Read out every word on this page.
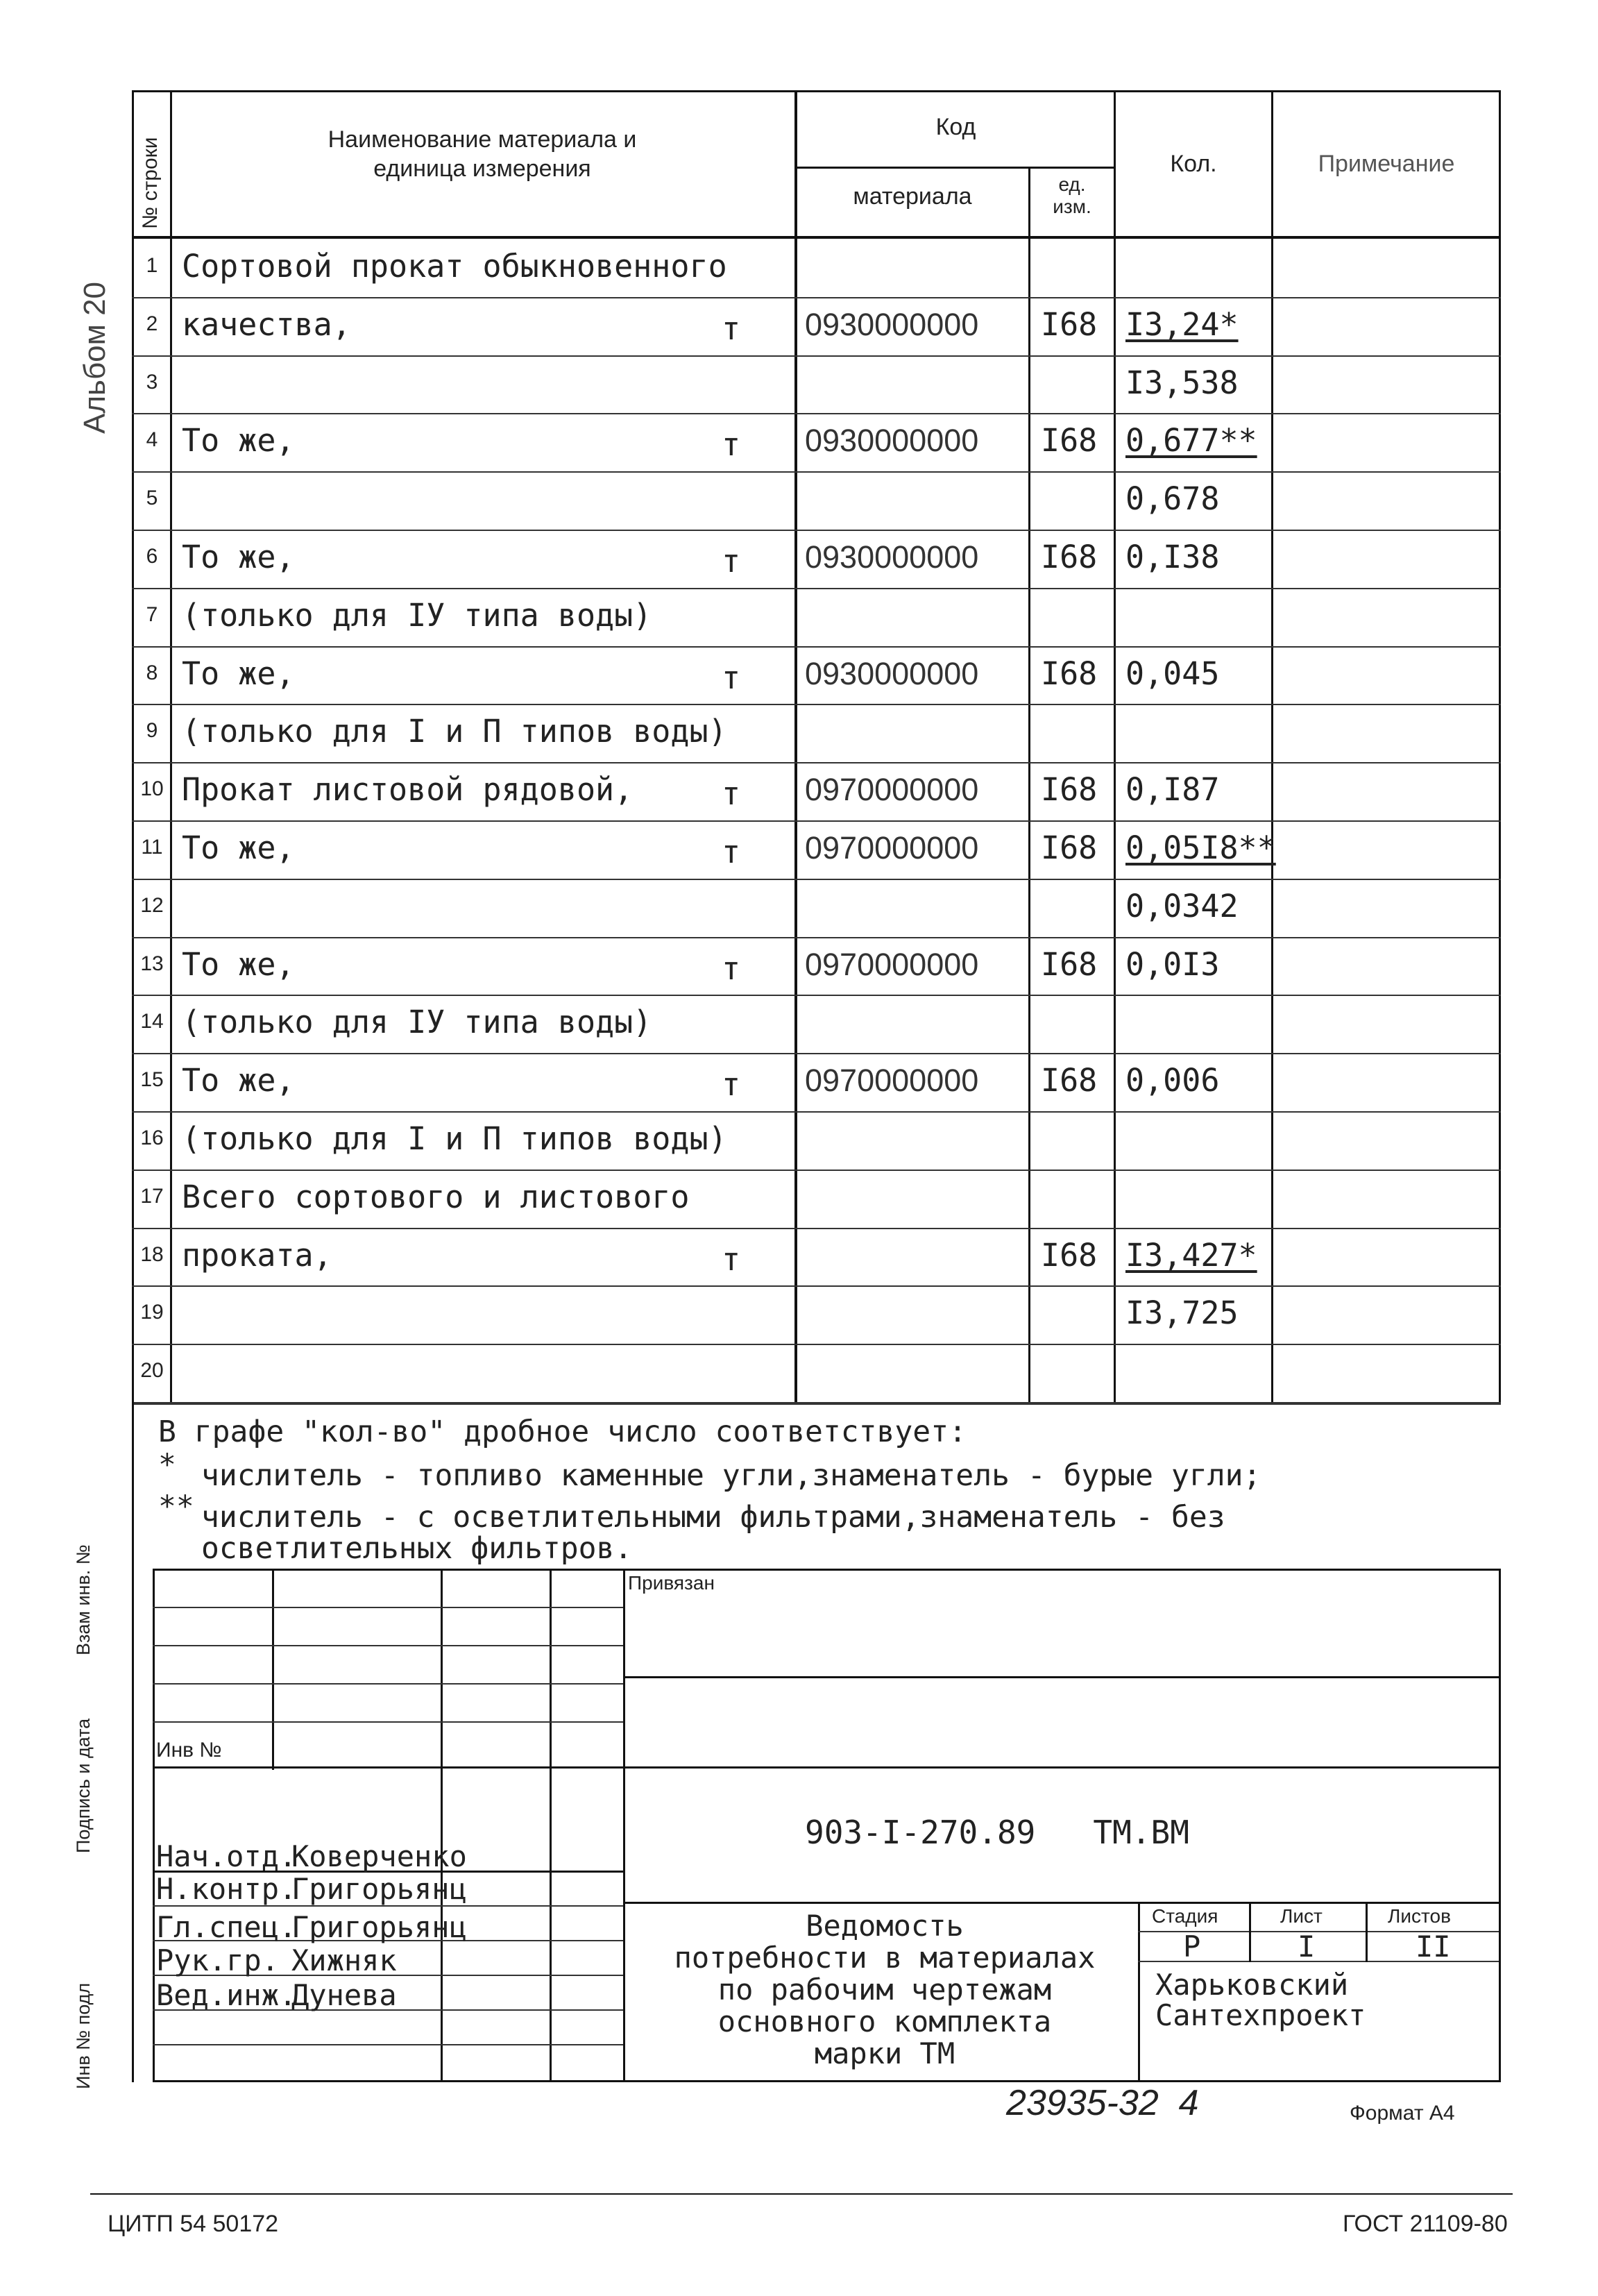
Альбом 20
Взам инв. №
Подпись и дата
Инв № подл
№ строки	Наименование материала и
единица измерения
Код
материала	ед.
изм.
Кол.	Примечание
1 Сортовой прокат обыкновенного
2 качества,	т 0930000000 I68 I3,24*
3	I3,538
4 То же,	т 0930000000 I68 0,677**
5	0,678
6 То же,	т 0930000000 I68 0,I38
7 (только для IУ типа воды)
8 То же,	т 0930000000 I68 0,045
9 (только для I и П типов воды)
10 Прокат листовой рядовой,	т 0970000000 I68 0,I87
11 То же,	т 0970000000 I68 0,05I8**
12	0,0342
13 То же,	т 0970000000 I68 0,0I3
14 (только для IУ типа воды)
15 То же,	т 0970000000 I68 0,006
16 (только для I и П типов воды)
17 Всего сортового и листового
18 проката,	т	I68 I3,427*
19	I3,725
20
В графе "кол-во" дробное число соответствует:
* числитель - топливо каменные угли,знаменатель - бурые угли;
** числитель - с осветлительными фильтрами,знаменатель - без
осветлительных фильтров.
Привязан
Инв №
903-I-270.89   ТМ.ВМ
Нач.отд.
Коверченко
Н.контр.
Григорьянц
Гл.спец.
Григорьянц
Рук.гр. Хижняк
Вед.инж.
Дунева
Ведомость
потребности в материалах
по рабочим чертежам
основного комплекта
марки ТМ
Стадия	Лист	Листов
Р	I	II
Харьковский
Сантехпроект
23935-32  4	Формат А4
ЦИТП 54 50172	ГОСТ 21109-80
